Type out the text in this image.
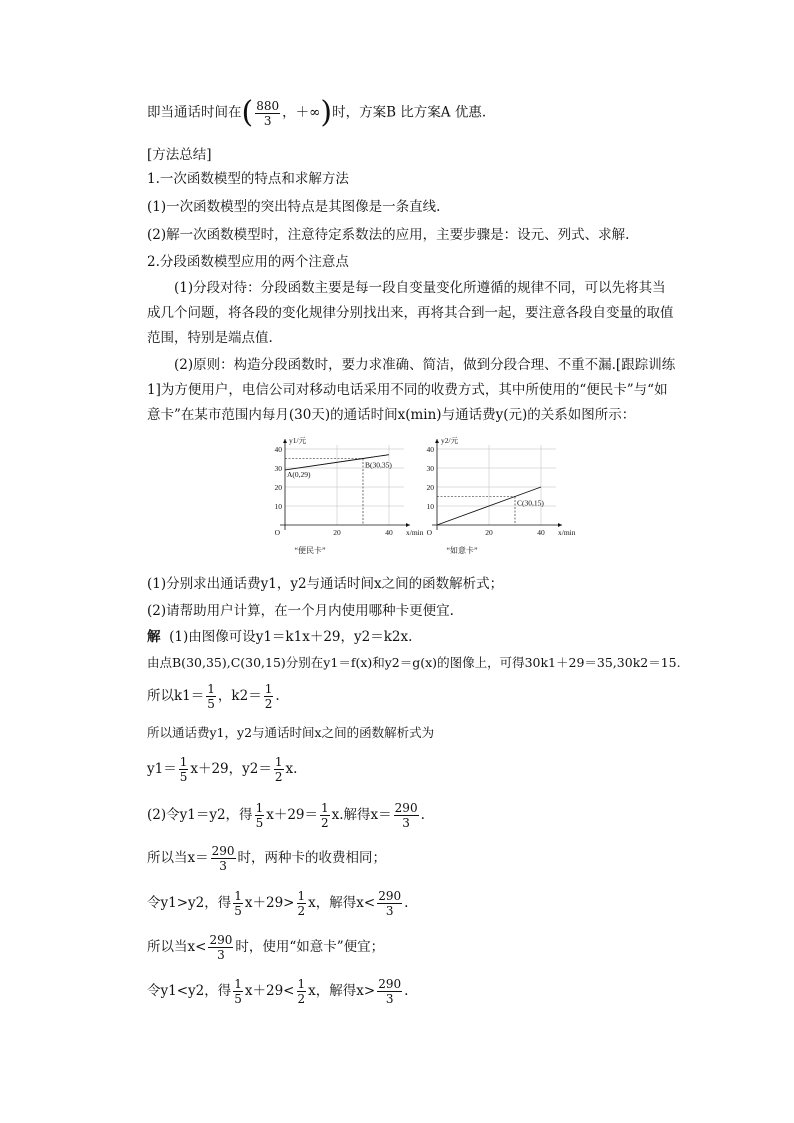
即当通话时间在( $\frac{880}{3}$ ，＋∞)时，方案B 比方案A 优惠.
[方法总结]
1.一次函数模型的特点和求解方法
(1)一次函数模型的突出特点是其图像是一条直线.
(2)解一次函数模型时，注意待定系数法的应用，主要步骤是：设元、列式、求解.
2.分段函数模型应用的两个注意点
(1)分段对待：分段函数主要是每一段自变量变化所遵循的规律不同，可以先将其当成几个问题，将各段的变化规律分别找出来，再将其合到一起，要注意各段自变量的取值范围，特别是端点值.
(2)原则：构造分段函数时，要力求准确、简洁，做到分段合理、不重不漏.[跟踪训练1]为方便用户，电信公司对移动电话采用不同的收费方式，其中所使用的“便民卡”与“如意卡”在某市范围内每月(30天)的通话时间x(min)与通话费y(元)的关系如图所示：
10
20
30
40
20	40
O
y1/元
x/min
A(0,29)
B(30,35)
“便民卡”
10
20
30
40
20	40
O
y2/元
x/min
C(30,15)
“如意卡”
(1)分别求出通话费y1，y2与通话时间x之间的函数解析式；
(2)请帮助用户计算，在一个月内使用哪种卡更便宜.
解 (1)由图像可设y1＝k1x＋29，y2＝k2x.
由点B(30,35),C(30,15)分别在y1＝f(x)和y2＝g(x)的图像上，可得30k1＋29＝35,30k2＝15.
所以$k1= \frac{1}{5}$ ，$k2= \frac{1}{2}$ .
所以通话费y1，y2与通话时间x之间的函数解析式为
$y1= \frac{1}{5} x+29$，$y2= \frac{1}{2} x$.
(2)令y1＝y2，得 $\frac{1}{5} x+29= \frac{1}{2} x$.解得$x= \frac{290}{3}$ .
所以当$x= \frac{290}{3}$ 时，两种卡的收费相同；
令y1>y2，得 $\frac{1}{5} x+29> \frac{1}{2}$ x，解得$x< \frac{290}{3}$ .
所以当$x< \frac{290}{3}$ 时，使用“如意卡”便宜；
令y1<y2，得 $\frac{1}{5} x+29< \frac{1}{2}$ x，解得$x> \frac{290}{3}$ .
